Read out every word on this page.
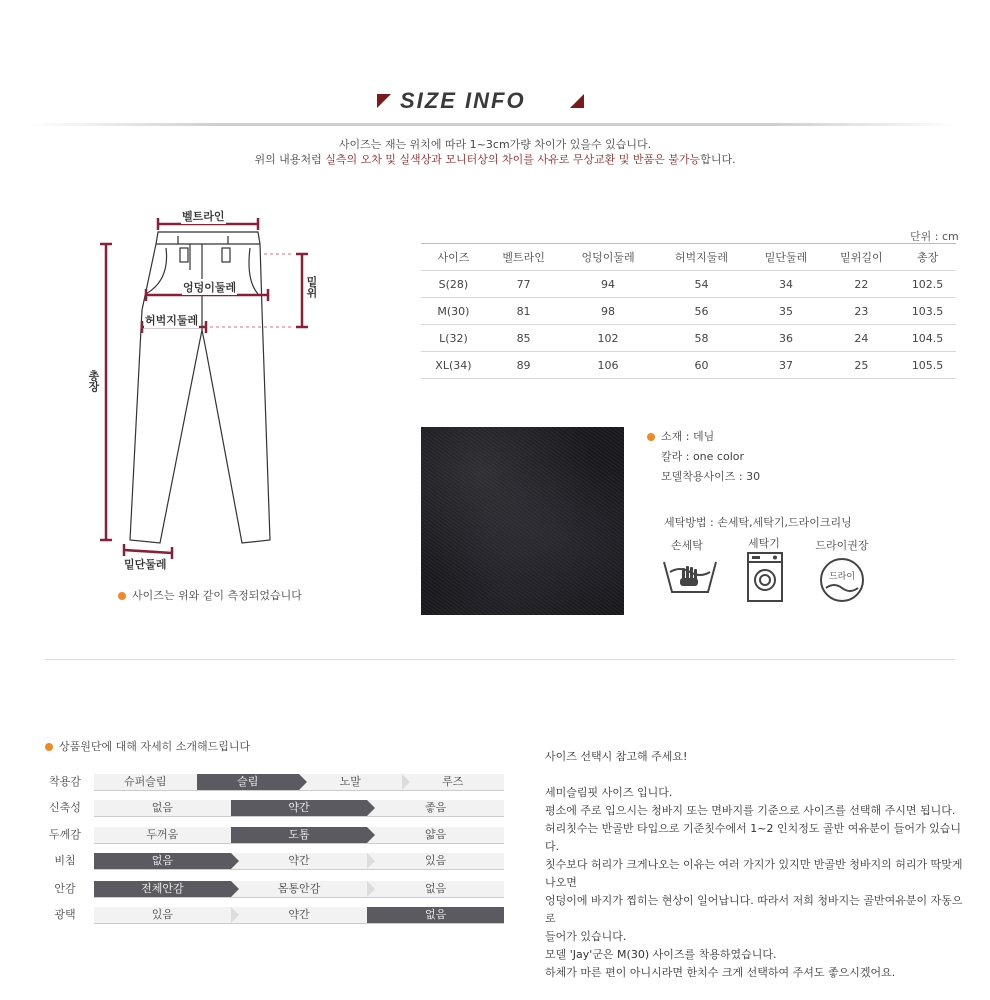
SIZE INFO
사이즈는 재는 위치에 따라 1~3cm가량 차이가 있을수 있습니다.
위의 내용처럼 실측의 오차 및 실색상과 모니터상의 차이를 사유로 무상교환 및 반품은 불가능합니다.
벨트라인
엉덩이둘레
허벅지둘레
밑단둘레
총장
밑위
사이즈는 위와 같이 측정되었습니다
단위 : cm
사이즈	벨트라인	엉덩이둘레	허벅지둘레	밑단둘레	밑위길이	총장
S(28)	77	94	54	34	22	102.5
M(30)	81	98	56	35	23	103.5
L(32)	85	102	58	36	24	104.5
XL(34)	89	106	60	37	25	105.5
소재 : 데님
칼라 : one color
모델착용사이즈 : 30
세탁방법 : 손세탁,세탁기,드라이크리닝
손세탁	세탁기	드라이권장
드라이
상품원단에 대해 자세히 소개해드립니다
착용감	슈퍼슬림	슬림	노말	루즈
신축성	없음	약간	좋음
두께감	두꺼움	도톰	얇음
비침	없음	약간	있음
안감	전체안감	몸통안감	없음
광택	있음	약간	없음

사이즈 선택시 참고해 주세요!

세미슬림핏 사이즈 입니다.

평소에 주로 입으시는 청바지 또는 면바지를 기준으로 사이즈를 선택해 주시면 됩니다.

허리칫수는 반골반 타입으로 기준칫수에서 1~2 인치정도 골반 여유분이 들어가 있습니다.

칫수보다 허리가 크게나오는 이유는 여러 가지가 있지만 반골반 청바지의 허리가 딱맞게 나오면

엉덩이에 바지가 찝히는 현상이 일어납니다. 따라서 저희 청바지는 골반여유분이 자동으로

들어가 있습니다.

모델 'Jay'군은 M(30) 사이즈를 착용하였습니다.

하체가 마른 편이 아니시라면 한치수 크게 선택하여 주셔도 좋으시겠어요.
